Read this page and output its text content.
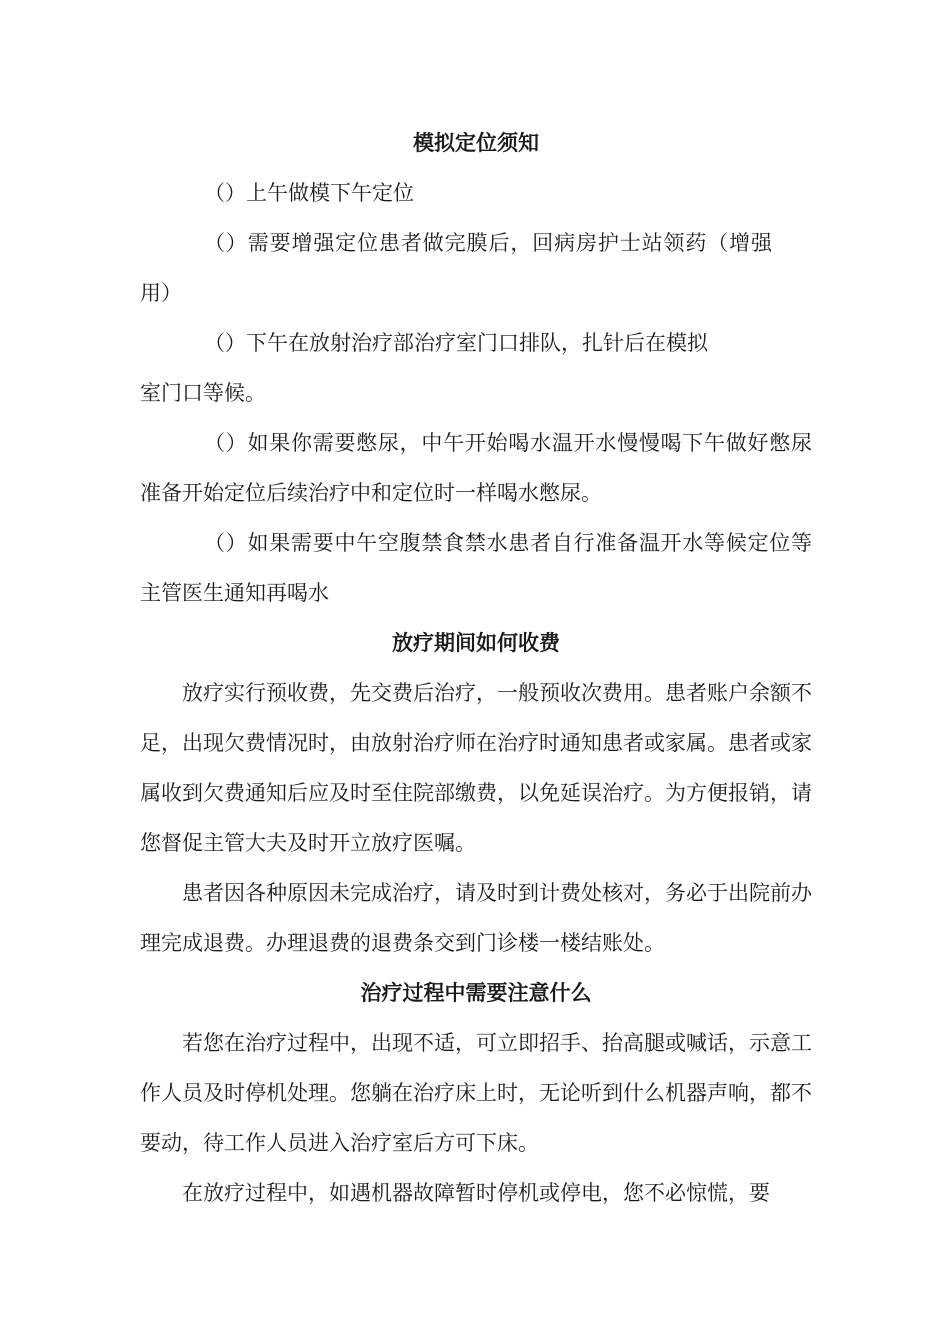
模拟定位须知

（）上午做模下午定位

（）需要增强定位患者做完膜后，回病房护士站领药（增强用）

（）下午在放射治疗部治疗室门口排队，扎针后在模拟室门口等候。

（）如果你需要憋尿，中午开始喝水温开水慢慢喝下午做好憋尿准备开始定位后续治疗中和定位时一样喝水憋尿。

（）如果需要中午空腹禁食禁水患者自行准备温开水等候定位等主管医生通知再喝水

放疗期间如何收费

放疗实行预收费，先交费后治疗，一般预收次费用。患者账户余额不足，出现欠费情况时，由放射治疗师在治疗时通知患者或家属。患者或家属收到欠费通知后应及时至住院部缴费，以免延误治疗。为方便报销，请您督促主管大夫及时开立放疗医嘱。

患者因各种原因未完成治疗，请及时到计费处核对，务必于出院前办理完成退费。办理退费的退费条交到门诊楼一楼结账处。

治疗过程中需要注意什么

若您在治疗过程中，出现不适，可立即招手、抬高腿或喊话，示意工作人员及时停机处理。您躺在治疗床上时，无论听到什么机器声响，都不要动，待工作人员进入治疗室后方可下床。

在放疗过程中，如遇机器故障暂时停机或停电，您不必惊慌，要
